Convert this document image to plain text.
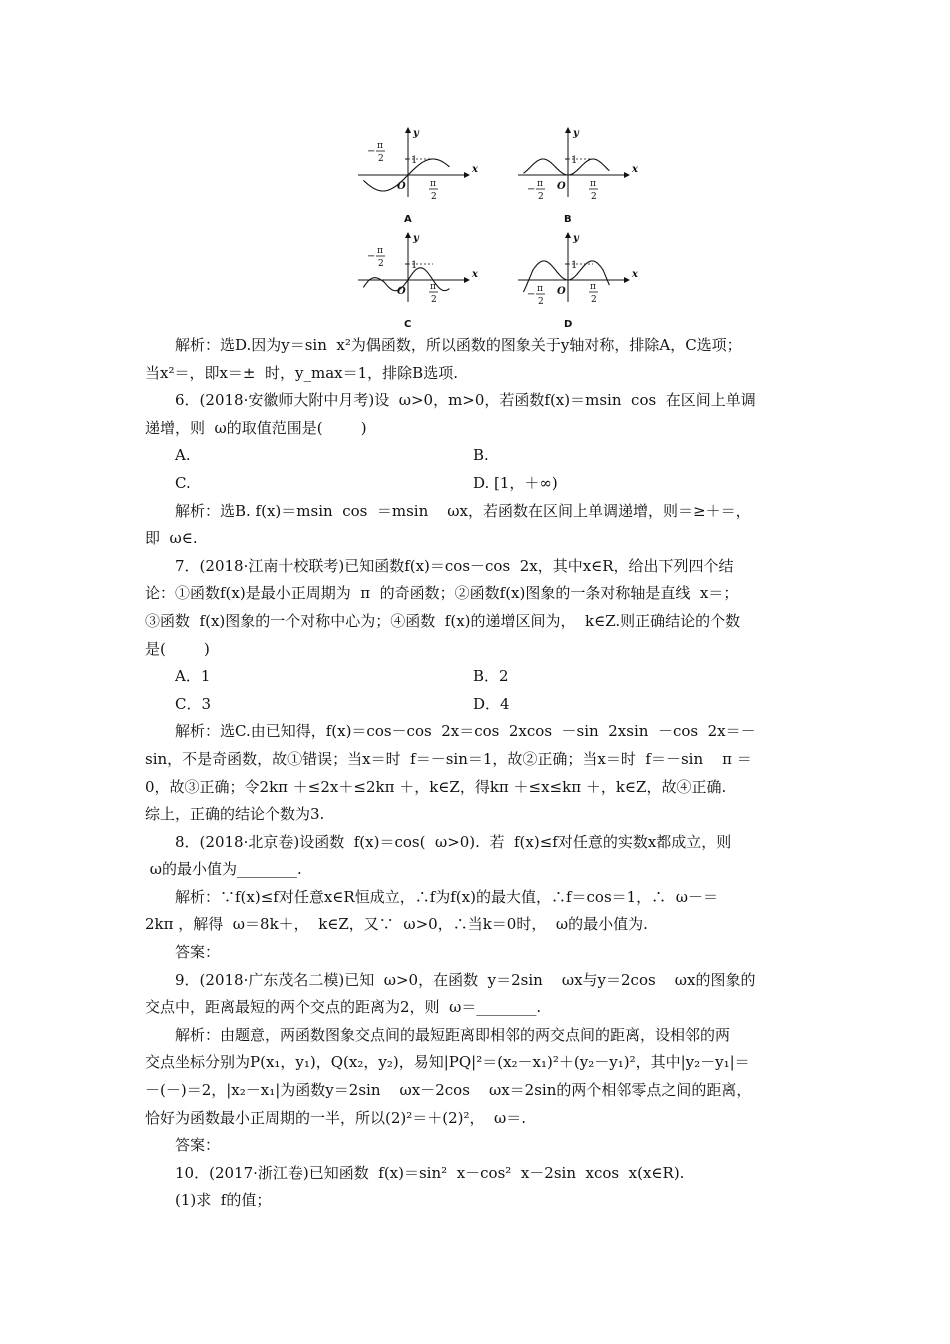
y
x
O
1
π
2
− π
2
A
y
x
O
1
π
2
− π
2
B
y
x
O
1
π
2
− π
2
C
y
x
O
1
π
2
− π
2
D
解析：选D.因为y＝sin  x²为偶函数，所以函数的图象关于y轴对称，排除A，C选项；
当x²＝，即x＝±  时，y_max＝1，排除B选项.
6．(2018·安徽师大附中月考)设  ω>0，m>0，若函数f(x)＝msin  cos  在区间上单调
递增，则  ω的取值范围是(        )
A.	B.
C.	D. [1，＋∞)
解析：选B. f(x)＝msin  cos  ＝msin    ωx，若函数在区间上单调递增，则＝≥＋＝，
即  ω∈.
7．(2018·江南十校联考)已知函数f(x)＝cos－cos  2x，其中x∈R，给出下列四个结
论：①函数f(x)是最小正周期为  π  的奇函数；②函数f(x)图象的一条对称轴是直线  x＝；
③函数  f(x)图象的一个对称中心为；④函数  f(x)的递增区间为，  k∈Z.则正确结论的个数
是(        )
A．1	B．2
C．3	D．4
解析：选C.由已知得，f(x)＝cos－cos  2x＝cos  2xcos  －sin  2xsin  －cos  2x＝－
sin，不是奇函数，故①错误；当x＝时  f＝－sin＝1，故②正确；当x＝时  f＝－sin    π ＝
0，故③正确；令2kπ ＋≤2x＋≤2kπ ＋，k∈Z，得kπ ＋≤x≤kπ ＋，k∈Z，故④正确.
综上，正确的结论个数为3.
8．(2018·北京卷)设函数  f(x)＝cos(  ω>0).  若  f(x)≤f对任意的实数x都成立，则
ω的最小值为________.
解析：∵f(x)≤f对任意x∈R恒成立，∴f为f(x)的最大值，∴f＝cos＝1，∴  ω－＝
2kπ ，解得  ω＝8k＋，  k∈Z，又∵  ω>0，∴当k＝0时，  ω的最小值为.
答案：
9．(2018·广东茂名二模)已知  ω>0，在函数  y＝2sin    ωx与y＝2cos    ωx的图象的
交点中，距离最短的两个交点的距离为2，则  ω＝________.
解析：由题意，两函数图象交点间的最短距离即相邻的两交点间的距离，设相邻的两
交点坐标分别为P(x₁，y₁)，Q(x₂，y₂)，易知|PQ|²＝(x₂－x₁)²＋(y₂－y₁)²，其中|y₂－y₁|＝
－(－)＝2，|x₂－x₁|为函数y＝2sin    ωx－2cos    ωx＝2sin的两个相邻零点之间的距离，
恰好为函数最小正周期的一半，所以(2)²＝＋(2)²，  ω＝.
答案：
10．(2017·浙江卷)已知函数  f(x)＝sin²  x－cos²  x－2sin  xcos  x(x∈R).
(1)求  f的值；
